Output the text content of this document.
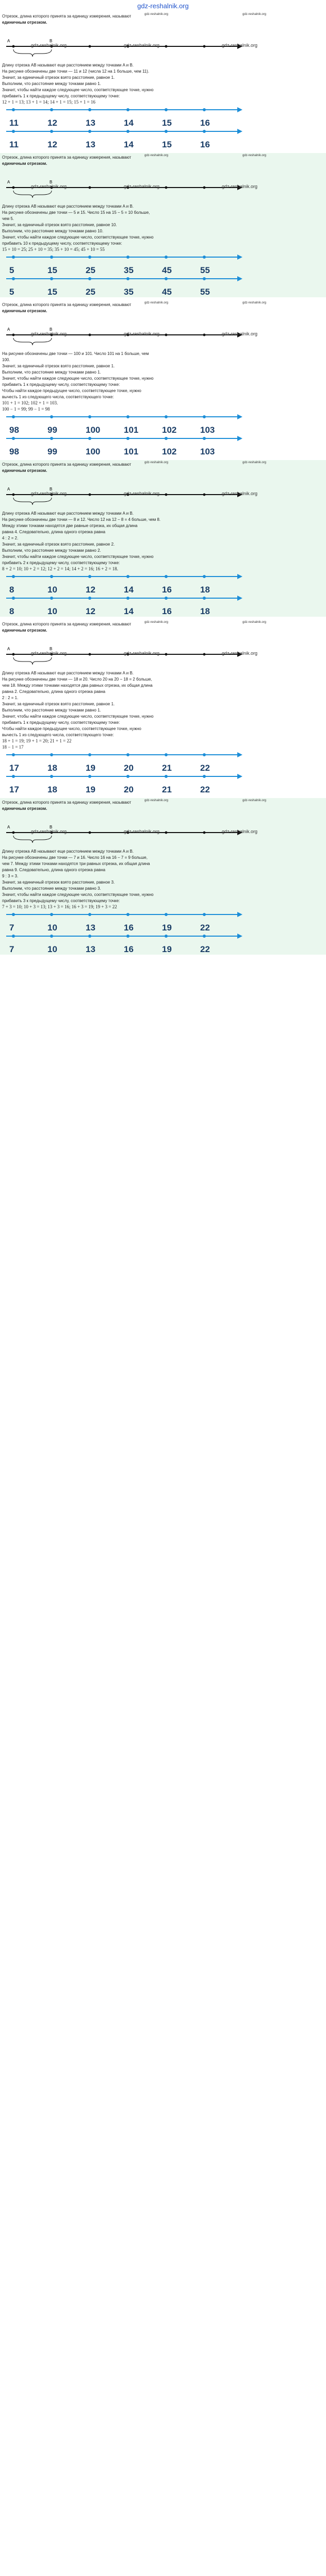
gdz-reshalnik.org
Отрезок, длина которого принята за единицу измерения, называют
единичным отрезком.
gdz-reshalnik.org	gdz-reshalnik.org
A	B
gdz-reshalnik.org	gdz-reshalnik.org	gdz-reshalnik.org
Длину отрезка AB называют еще расстоянием между точками A и B.
На рисунке обозначены две точки — 11 и 12 (числа 12 на 1 больше, чем 11).
Значит, за единичный отрезок взято расстояние, равное 1.
Выполним, что расстояние между точками равно 1.
Значит, чтобы найти каждое следующее число, соответствующее точке, нужно
прибавить 1 к предыдущему числу, соответствующему точке:
12 + 1 = 13; 13 + 1 = 14; 14 + 1 = 15; 15 + 1 = 16
11	12	13	14	15	16
11	12	13	14	15	16
Отрезок, длина которого принята за единицу измерения, называют
единичным отрезком.
gdz-reshalnik.org	gdz-reshalnik.org
A	B
gdz-reshalnik.org	gdz-reshalnik.org	gdz-reshalnik.org
Длину отрезка AB называют еще расстоянием между точками A и B.
На рисунке обозначены две точки — 5 и 15. Число 15 на 15 − 5 = 10 больше,
чем 5.
Значит, за единичный отрезок взято расстояние, равное 10.
Выполним, что расстояние между точками равно 10.
Значит, чтобы найти каждое следующее число, соответствующее точке, нужно
прибавить 10 к предыдущему числу, соответствующему точке:
15 + 10 = 25; 25 + 10 = 35; 35 + 10 = 45; 45 + 10 = 55
5	15	25	35	45	55
5	15	25	35	45	55
Отрезок, длина которого принята за единицу измерения, называют
единичным отрезком.
gdz-reshalnik.org	gdz-reshalnik.org
A	B
gdz-reshalnik.org	gdz-reshalnik.org	gdz-reshalnik.org
На рисунке обозначены две точки — 100 и 101. Число 101 на 1 больше, чем
100.
Значит, за единичный отрезок взято расстояние, равное 1.
Выполним, что расстояние между точками равно 1.
Значит, чтобы найти каждое следующее число, соответствующее точке, нужно
прибавить 1 к предыдущему числу, соответствующему точке:
Чтобы найти каждое предыдущее число, соответствующее точке, нужно
вычесть 1 из следующего числа, соответствующего точке:
101 + 1 = 102; 102 + 1 = 103.
100 − 1 = 99; 99 − 1 = 98
98	99	100	101	102	103
98	99	100	101	102	103
Отрезок, длина которого принята за единицу измерения, называют
единичным отрезком.
gdz-reshalnik.org	gdz-reshalnik.org
A	B
gdz-reshalnik.org	gdz-reshalnik.org	gdz-reshalnik.org
Длину отрезка AB называют еще расстоянием между точками A и B.
На рисунке обозначены две точки — 8 и 12. Число 12 на 12 − 8 = 4 больше, чем 8.
Между этими точками находятся две равные отрезка, их общая длина
равна 4. Следовательно, длина одного отрезка равна
4 : 2 = 2.
Значит, за единичный отрезок взято расстояние, равное 2.
Выполним, что расстояние между точками равно 2.
Значит, чтобы найти каждое следующее число, соответствующее точке, нужно
прибавить 2 к предыдущему числу, соответствующему точке:
8 + 2 = 10; 10 + 2 = 12; 12 + 2 = 14; 14 + 2 = 16; 16 + 2 = 18.
8	10	12	14	16	18
8	10	12	14	16	18
Отрезок, длина которого принята за единицу измерения, называют
единичным отрезком.
gdz-reshalnik.org	gdz-reshalnik.org
A	B
gdz-reshalnik.org	gdz-reshalnik.org	gdz-reshalnik.org
Длину отрезка AB называют еще расстоянием между точками A и B.
На рисунке обозначены две точки — 18 и 20. Число 20 на 20 − 18 = 2 больше,
чем 18. Между этими точками находятся два равных отрезка, их общая длина
равна 2. Следовательно, длина одного отрезка равна
2 : 2 = 1.
Значит, за единичный отрезок взято расстояние, равное 1.
Выполним, что расстояние между точками равно 1.
Значит, чтобы найти каждое следующее число, соответствующее точке, нужно
прибавить 1 к предыдущему числу, соответствующему точке:
Чтобы найти каждое предыдущее число, соответствующее точке, нужно
вычесть 1 из следующего числа, соответствующего точке:
18 + 1 = 19; 19 + 1 = 20; 21 + 1 = 22
18 − 1 = 17
17	18	19	20	21	22
17	18	19	20	21	22
Отрезок, длина которого принята за единицу измерения, называют
единичным отрезком.
gdz-reshalnik.org	gdz-reshalnik.org
A	B
gdz-reshalnik.org	gdz-reshalnik.org	gdz-reshalnik.org
Длину отрезка AB называют еще расстоянием между точками A и B.
На рисунке обозначены две точки — 7 и 16. Число 16 на 16 − 7 = 9 больше,
чем 7. Между этими точками находятся три равных отрезка, их общая длина
равна 9. Следовательно, длина одного отрезка равна
9 : 3 = 3.
Значит, за единичный отрезок взято расстояние, равное 3.
Выполним, что расстояние между точками равно 3.
Значит, чтобы найти каждое следующее число, соответствующее точке, нужно
прибавить 3 к предыдущему числу, соответствующему точке:
7 + 3 = 10; 10 + 3 = 13; 13 + 3 = 16; 16 + 3 = 19; 19 + 3 = 22
7	10	13	16	19	22
7	10	13	16	19	22
